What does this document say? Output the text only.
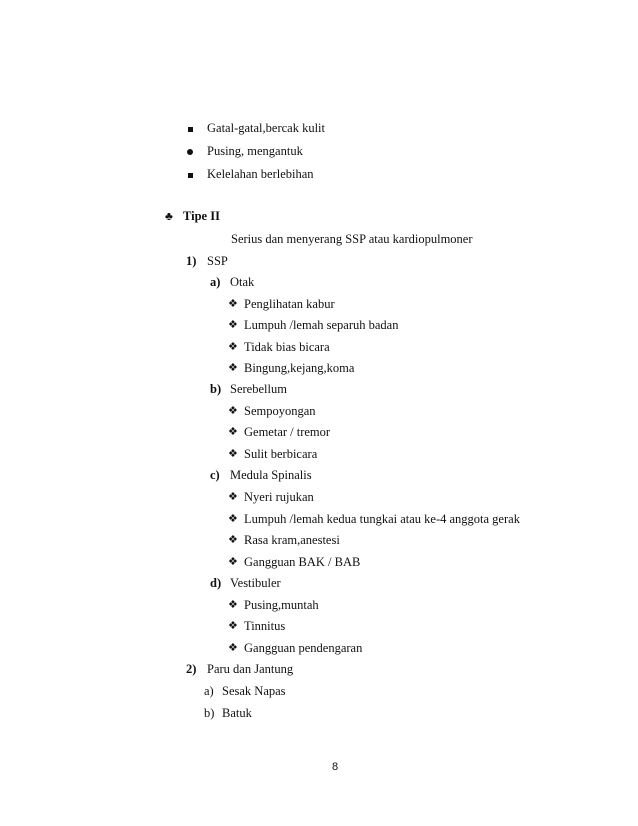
Gatal-gatal,bercak kulit
Pusing, mengantuk
Kelelahan berlebihan
♣ Tipe II
Serius dan menyerang SSP atau kardiopulmoner
1) SSP
a) Otak
❖ Penglihatan kabur
❖ Lumpuh /lemah separuh badan
❖ Tidak bias bicara
❖ Bingung,kejang,koma
b) Serebellum
❖ Sempoyongan
❖ Gemetar / tremor
❖ Sulit berbicara
c) Medula Spinalis
❖ Nyeri rujukan
❖ Lumpuh /lemah kedua tungkai atau ke-4 anggota gerak
❖ Rasa kram,anestesi
❖ Gangguan BAK / BAB
d) Vestibuler
❖ Pusing,muntah
❖ Tinnitus
❖ Gangguan pendengaran
2) Paru dan Jantung
a) Sesak Napas
b) Batuk
8
